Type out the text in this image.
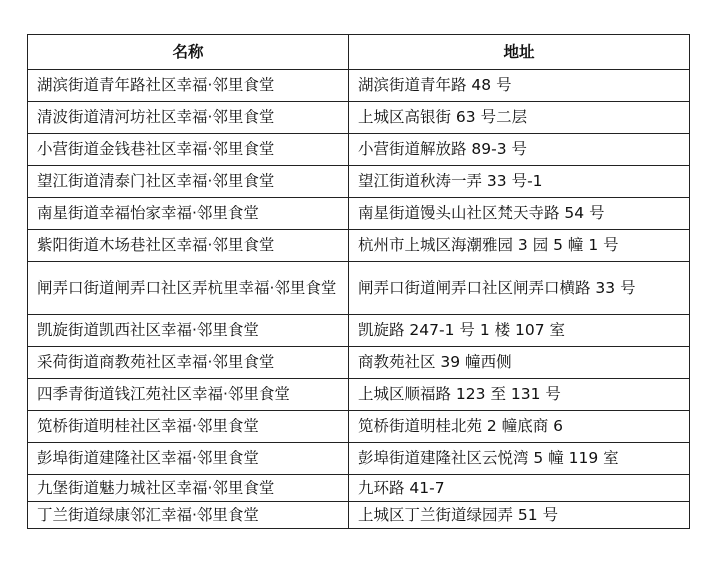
名称	地址
湖滨街道青年路社区幸福·邻里食堂	湖滨街道青年路 48 号
清波街道清河坊社区幸福·邻里食堂	上城区高银街 63 号二层
小营街道金钱巷社区幸福·邻里食堂	小营街道解放路 89-3 号
望江街道清泰门社区幸福·邻里食堂	望江街道秋涛一弄 33 号-1
南星街道幸福怡家幸福·邻里食堂	南星街道馒头山社区梵天寺路 54 号
紫阳街道木场巷社区幸福·邻里食堂	杭州市上城区海潮雅园 3 园 5 幢 1 号
闸弄口街道闸弄口社区弄杭里幸福·邻里食堂	闸弄口街道闸弄口社区闸弄口横路 33 号
凯旋街道凯西社区幸福·邻里食堂	凯旋路 247-1 号 1 楼 107 室
采荷街道商教苑社区幸福·邻里食堂	商教苑社区 39 幢西侧
四季青街道钱江苑社区幸福·邻里食堂	上城区顺福路 123 至 131 号
笕桥街道明桂社区幸福·邻里食堂	笕桥街道明桂北苑 2 幢底商 6
彭埠街道建隆社区幸福·邻里食堂	彭埠街道建隆社区云悦湾 5 幢 119 室
九堡街道魅力城社区幸福·邻里食堂	九环路 41-7
丁兰街道绿康邻汇幸福·邻里食堂	上城区丁兰街道绿园弄 51 号
